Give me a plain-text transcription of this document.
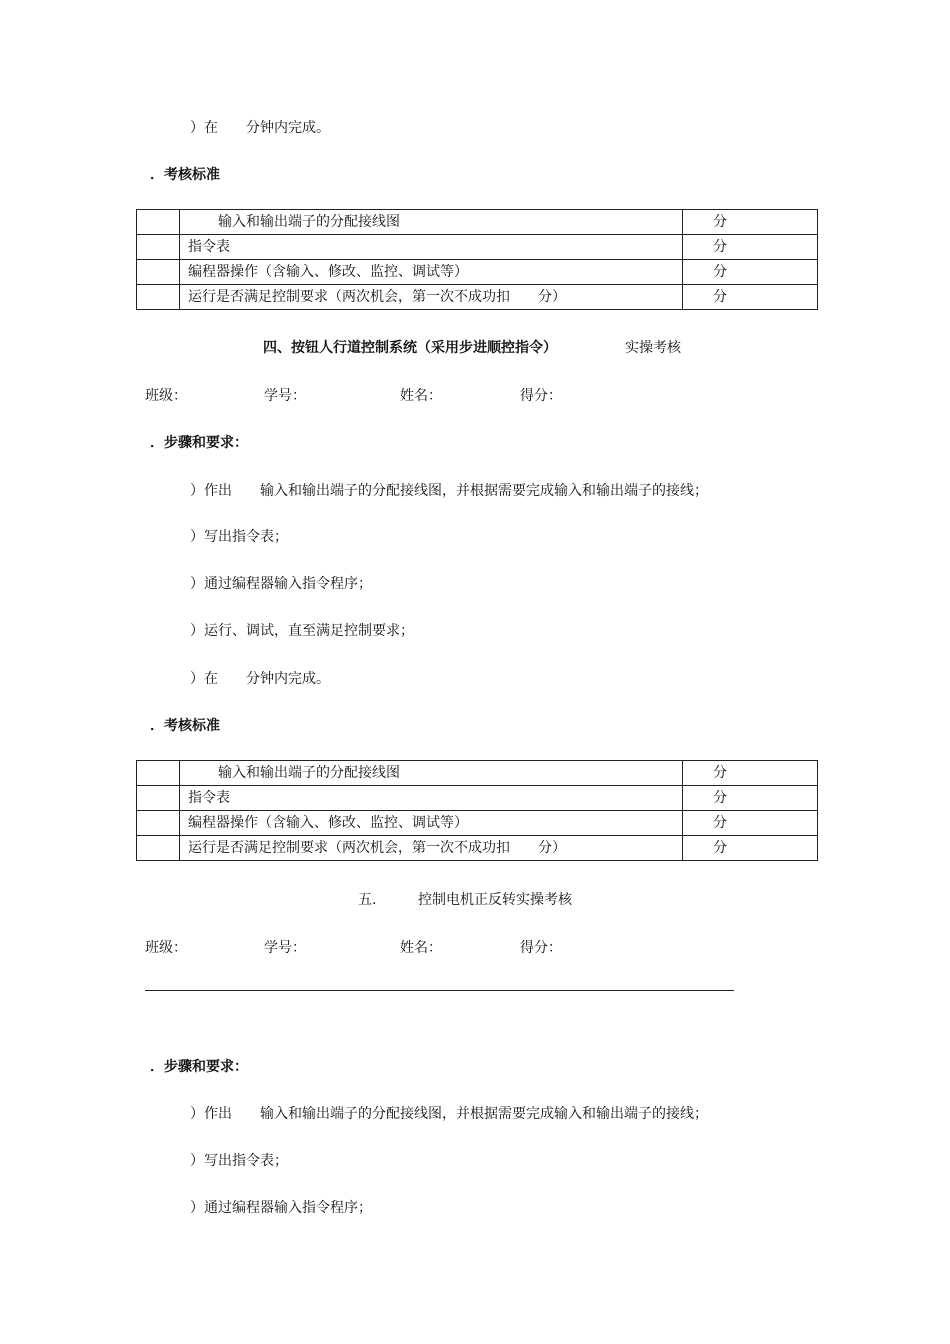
）在　　分钟内完成。
．考核标准
	输入和输出端子的分配接线图	分
	指令表	分
	编程器操作（含输入、修改、监控、调试等）	分
	运行是否满足控制要求（两次机会，第一次不成功扣　　分）	分
四、按钮人行道控制系统（采用步进顺控指令）	实操考核
班级：	学号：	姓名：	得分：
．步骤和要求：
）作出　　输入和输出端子的分配接线图，并根据需要完成输入和输出端子的接线；
）写出指令表；
）通过编程器输入指令程序；
）运行、调试，直至满足控制要求；
）在　　分钟内完成。
．考核标准
	输入和输出端子的分配接线图	分
	指令表	分
	编程器操作（含输入、修改、监控、调试等）	分
	运行是否满足控制要求（两次机会，第一次不成功扣　　分）	分
五.	控制电机正反转实操考核
班级：	学号：	姓名：	得分：
．步骤和要求：
）作出　　输入和输出端子的分配接线图，并根据需要完成输入和输出端子的接线；
）写出指令表；
）通过编程器输入指令程序；
